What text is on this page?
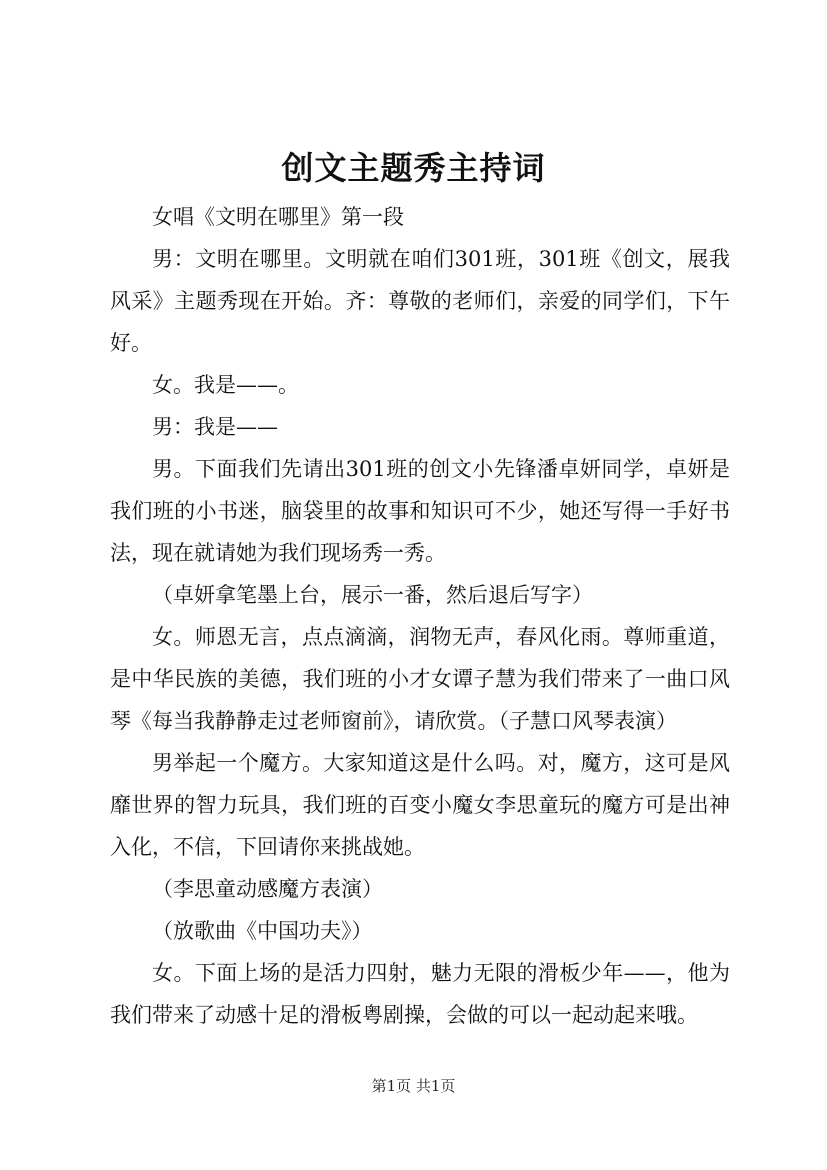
创文主题秀主持词

女唱《文明在哪里》第一段

男：文明在哪里。文明就在咱们301班，301班《创文，展我风采》主题秀现在开始。齐：尊敬的老师们，亲爱的同学们，下午好。

女。我是——。

男：我是——

男。下面我们先请出301班的创文小先锋潘卓妍同学，卓妍是我们班的小书迷，脑袋里的故事和知识可不少，她还写得一手好书法，现在就请她为我们现场秀一秀。

（卓妍拿笔墨上台，展示一番，然后退后写字）

女。师恩无言，点点滴滴，润物无声，春风化雨。尊师重道，是中华民族的美德，我们班的小才女谭子慧为我们带来了一曲口风琴《每当我静静走过老师窗前》，请欣赏。（子慧口风琴表演）

男举起一个魔方。大家知道这是什么吗。对，魔方，这可是风靡世界的智力玩具，我们班的百变小魔女李思童玩的魔方可是出神入化，不信，下回请你来挑战她。

（李思童动感魔方表演）

（放歌曲《中国功夫》）

女。下面上场的是活力四射，魅力无限的滑板少年——，他为我们带来了动感十足的滑板粤剧操，会做的可以一起动起来哦。

第1页 共1页
